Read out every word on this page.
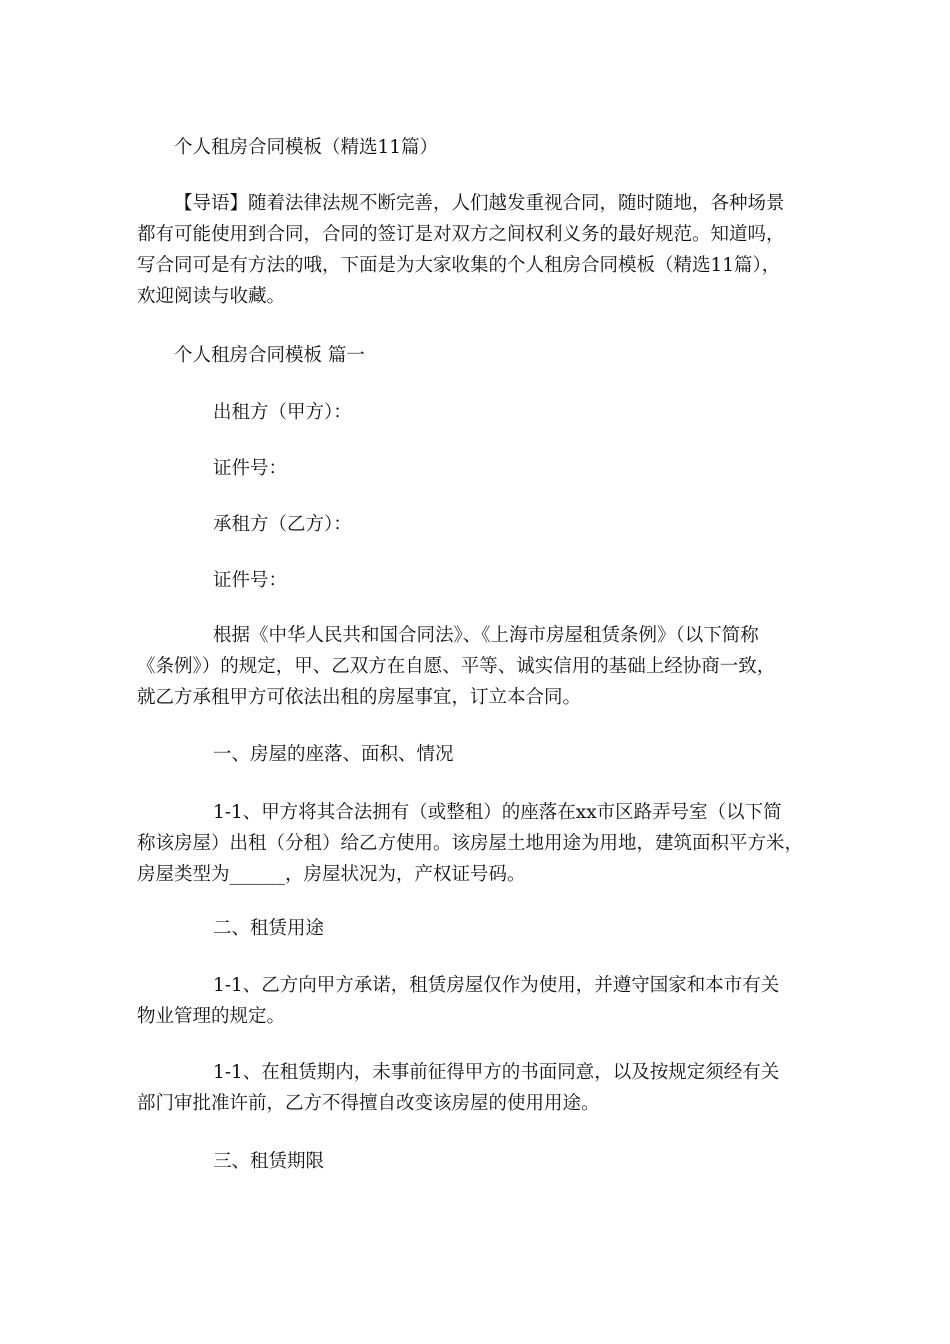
个人租房合同模板（精选11篇）

【导语】随着法律法规不断完善，人们越发重视合同，随时随地，各种场景
都有可能使用到合同，合同的签订是对双方之间权利义务的最好规范。知道吗，
写合同可是有方法的哦，下面是为大家收集的个人租房合同模板（精选11篇），
欢迎阅读与收藏。

个人租房合同模板 篇一

出租方（甲方）：

证件号：

承租方（乙方）：

证件号：

根据《中华人民共和国合同法》、《上海市房屋租赁条例》（以下简称
《条例》）的规定，甲、乙双方在自愿、平等、诚实信用的基础上经协商一致，
就乙方承租甲方可依法出租的房屋事宜，订立本合同。

一、房屋的座落、面积、情况

1-1、甲方将其合法拥有（或整租）的座落在xx市区路弄号室（以下简
称该房屋）出租（分租）给乙方使用。该房屋土地用途为用地，建筑面积平方米，
房屋类型为______，房屋状况为，产权证号码。

二、租赁用途

1-1、乙方向甲方承诺，租赁房屋仅作为使用，并遵守国家和本市有关
物业管理的规定。

1-1、在租赁期内，未事前征得甲方的书面同意，以及按规定须经有关
部门审批准许前，乙方不得擅自改变该房屋的使用用途。

三、租赁期限
